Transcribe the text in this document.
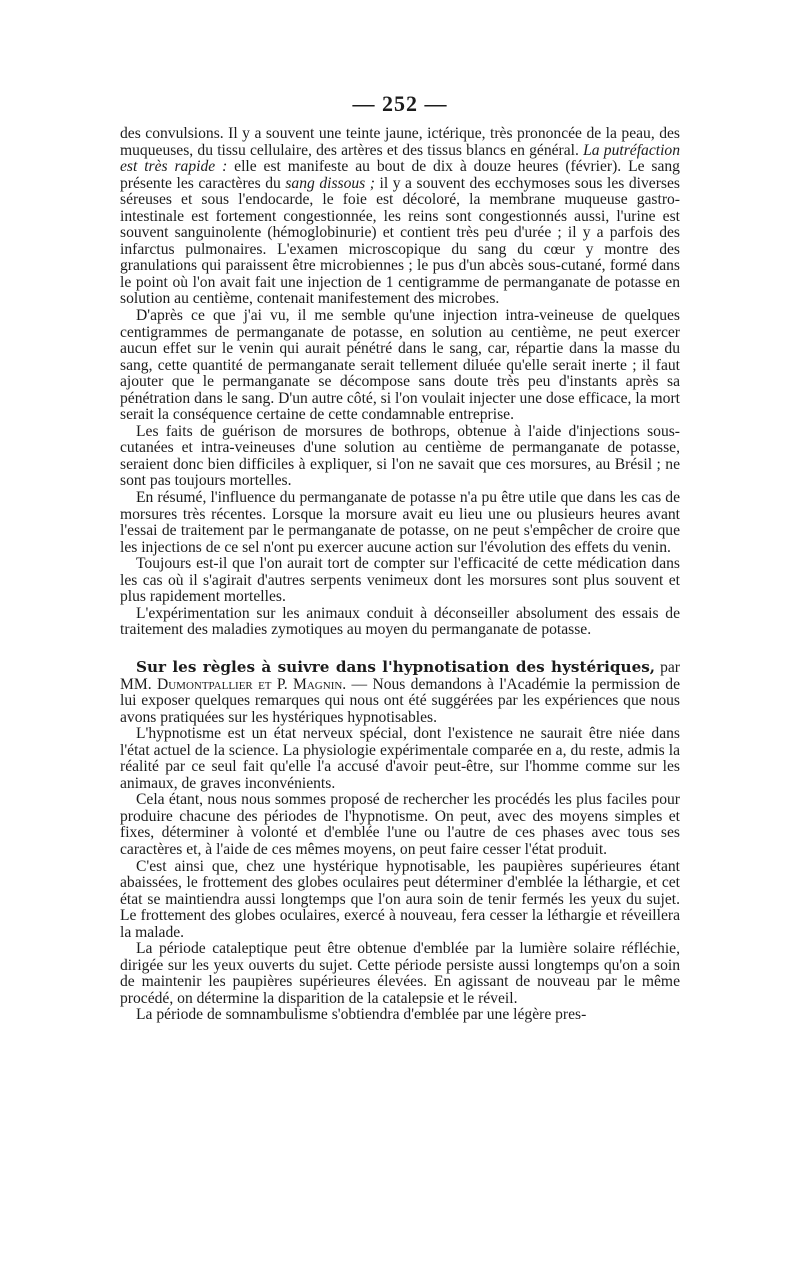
— 252 —

des convulsions. Il y a souvent une teinte jaune, ictérique, très prononcée de la peau, des muqueuses, du tissu cellulaire, des artères et des tissus blancs en général. La putréfaction est très rapide : elle est manifeste au bout de dix à douze heures (février). Le sang présente les caractères du sang dissous ; il y a souvent des ecchymoses sous les diverses séreuses et sous l'endocarde, le foie est décoloré, la membrane muqueuse gastro-intestinale est fortement congestionnée, les reins sont congestionnés aussi, l'urine est souvent sanguinolente (hémoglobinurie) et contient très peu d'urée ; il y a parfois des infarctus pulmonaires. L'examen microscopique du sang du cœur y montre des granulations qui paraissent être microbiennes ; le pus d'un abcès sous-cutané, formé dans le point où l'on avait fait une injection de 1 centigramme de permanganate de potasse en solution au centième, contenait manifestement des microbes.

D'après ce que j'ai vu, il me semble qu'une injection intra-veineuse de quelques centigrammes de permanganate de potasse, en solution au centième, ne peut exercer aucun effet sur le venin qui aurait pénétré dans le sang, car, répartie dans la masse du sang, cette quantité de permanganate serait tellement diluée qu'elle serait inerte ; il faut ajouter que le permanganate se décompose sans doute très peu d'instants après sa pénétration dans le sang. D'un autre côté, si l'on voulait injecter une dose efficace, la mort serait la conséquence certaine de cette condamnable entreprise.

Les faits de guérison de morsures de bothrops, obtenue à l'aide d'injections sous-cutanées et intra-veineuses d'une solution au centième de permanganate de potasse, seraient donc bien difficiles à expliquer, si l'on ne savait que ces morsures, au Brésil ; ne sont pas toujours mortelles.

En résumé, l'influence du permanganate de potasse n'a pu être utile que dans les cas de morsures très récentes. Lorsque la morsure avait eu lieu une ou plusieurs heures avant l'essai de traitement par le permanganate de potasse, on ne peut s'empêcher de croire que les injections de ce sel n'ont pu exercer aucune action sur l'évolution des effets du venin.

Toujours est-il que l'on aurait tort de compter sur l'efficacité de cette médication dans les cas où il s'agirait d'autres serpents venimeux dont les morsures sont plus souvent et plus rapidement mortelles.

L'expérimentation sur les animaux conduit à déconseiller absolument des essais de traitement des maladies zymotiques au moyen du permanganate de potasse.

Sur les règles à suivre dans l'hypnotisation des hystériques, par MM. Dumontpallier et P. Magnin. — Nous demandons à l'Académie la permission de lui exposer quelques remarques qui nous ont été suggérées par les expériences que nous avons pratiquées sur les hystériques hypnotisables.

L'hypnotisme est un état nerveux spécial, dont l'existence ne saurait être niée dans l'état actuel de la science. La physiologie expérimentale comparée en a, du reste, admis la réalité par ce seul fait qu'elle l'a accusé d'avoir peut-être, sur l'homme comme sur les animaux, de graves inconvénients.

Cela étant, nous nous sommes proposé de rechercher les procédés les plus faciles pour produire chacune des périodes de l'hypnotisme. On peut, avec des moyens simples et fixes, déterminer à volonté et d'emblée l'une ou l'autre de ces phases avec tous ses caractères et, à l'aide de ces mêmes moyens, on peut faire cesser l'état produit.

C'est ainsi que, chez une hystérique hypnotisable, les paupières supérieures étant abaissées, le frottement des globes oculaires peut déterminer d'emblée la léthargie, et cet état se maintiendra aussi longtemps que l'on aura soin de tenir fermés les yeux du sujet. Le frottement des globes oculaires, exercé à nouveau, fera cesser la léthargie et réveillera la malade.

La période cataleptique peut être obtenue d'emblée par la lumière solaire réfléchie, dirigée sur les yeux ouverts du sujet. Cette période persiste aussi longtemps qu'on a soin de maintenir les paupières supérieures élevées. En agissant de nouveau par le même procédé, on détermine la disparition de la catalepsie et le réveil.

La période de somnambulisme s'obtiendra d'emblée par une légère pres-
